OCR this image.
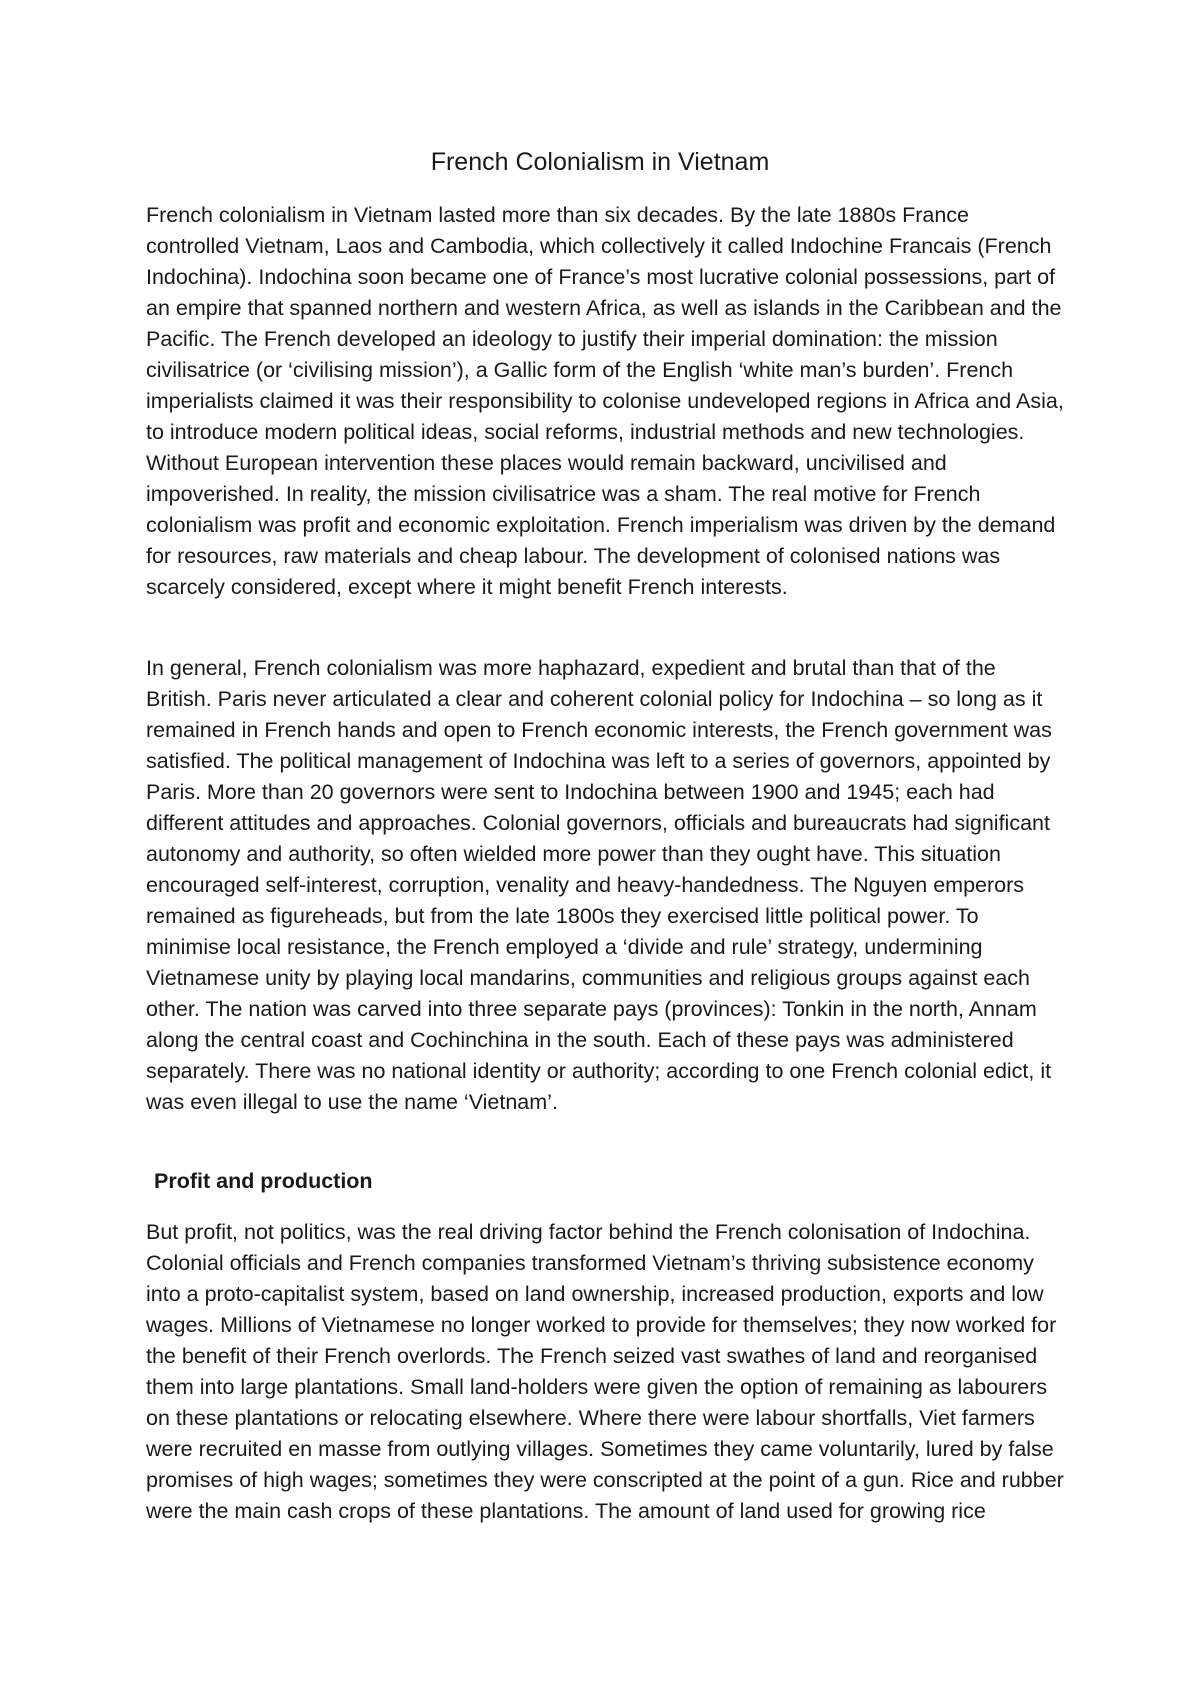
French Colonialism in Vietnam

French colonialism in Vietnam lasted more than six decades. By the late 1880s France controlled Vietnam, Laos and Cambodia, which collectively it called Indochine Francais (French Indochina). Indochina soon became one of France’s most lucrative colonial possessions, part of an empire that spanned northern and western Africa, as well as islands in the Caribbean and the Pacific. The French developed an ideology to justify their imperial domination: the mission civilisatrice (or ‘civilising mission’), a Gallic form of the English ‘white man’s burden’. French imperialists claimed it was their responsibility to colonise undeveloped regions in Africa and Asia, to introduce modern political ideas, social reforms, industrial methods and new technologies. Without European intervention these places would remain backward, uncivilised and impoverished. In reality, the mission civilisatrice was a sham. The real motive for French colonialism was profit and economic exploitation. French imperialism was driven by the demand for resources, raw materials and cheap labour. The development of colonised nations was scarcely considered, except where it might benefit French interests.

In general, French colonialism was more haphazard, expedient and brutal than that of the British. Paris never articulated a clear and coherent colonial policy for Indochina – so long as it remained in French hands and open to French economic interests, the French government was satisfied. The political management of Indochina was left to a series of governors, appointed by Paris. More than 20 governors were sent to Indochina between 1900 and 1945; each had different attitudes and approaches. Colonial governors, officials and bureaucrats had significant autonomy and authority, so often wielded more power than they ought have. This situation encouraged self-interest, corruption, venality and heavy-handedness. The Nguyen emperors remained as figureheads, but from the late 1800s they exercised little political power. To minimise local resistance, the French employed a ‘divide and rule’ strategy, undermining Vietnamese unity by playing local mandarins, communities and religious groups against each other. The nation was carved into three separate pays (provinces): Tonkin in the north, Annam along the central coast and Cochinchina in the south. Each of these pays was administered separately. There was no national identity or authority; according to one French colonial edict, it was even illegal to use the name ‘Vietnam’.

Profit and production

But profit, not politics, was the real driving factor behind the French colonisation of Indochina. Colonial officials and French companies transformed Vietnam’s thriving subsistence economy into a proto-capitalist system, based on land ownership, increased production, exports and low wages. Millions of Vietnamese no longer worked to provide for themselves; they now worked for the benefit of their French overlords. The French seized vast swathes of land and reorganised them into large plantations. Small land-holders were given the option of remaining as labourers on these plantations or relocating elsewhere. Where there were labour shortfalls, Viet farmers were recruited en masse from outlying villages. Sometimes they came voluntarily, lured by false promises of high wages; sometimes they were conscripted at the point of a gun. Rice and rubber were the main cash crops of these plantations. The amount of land used for growing rice
